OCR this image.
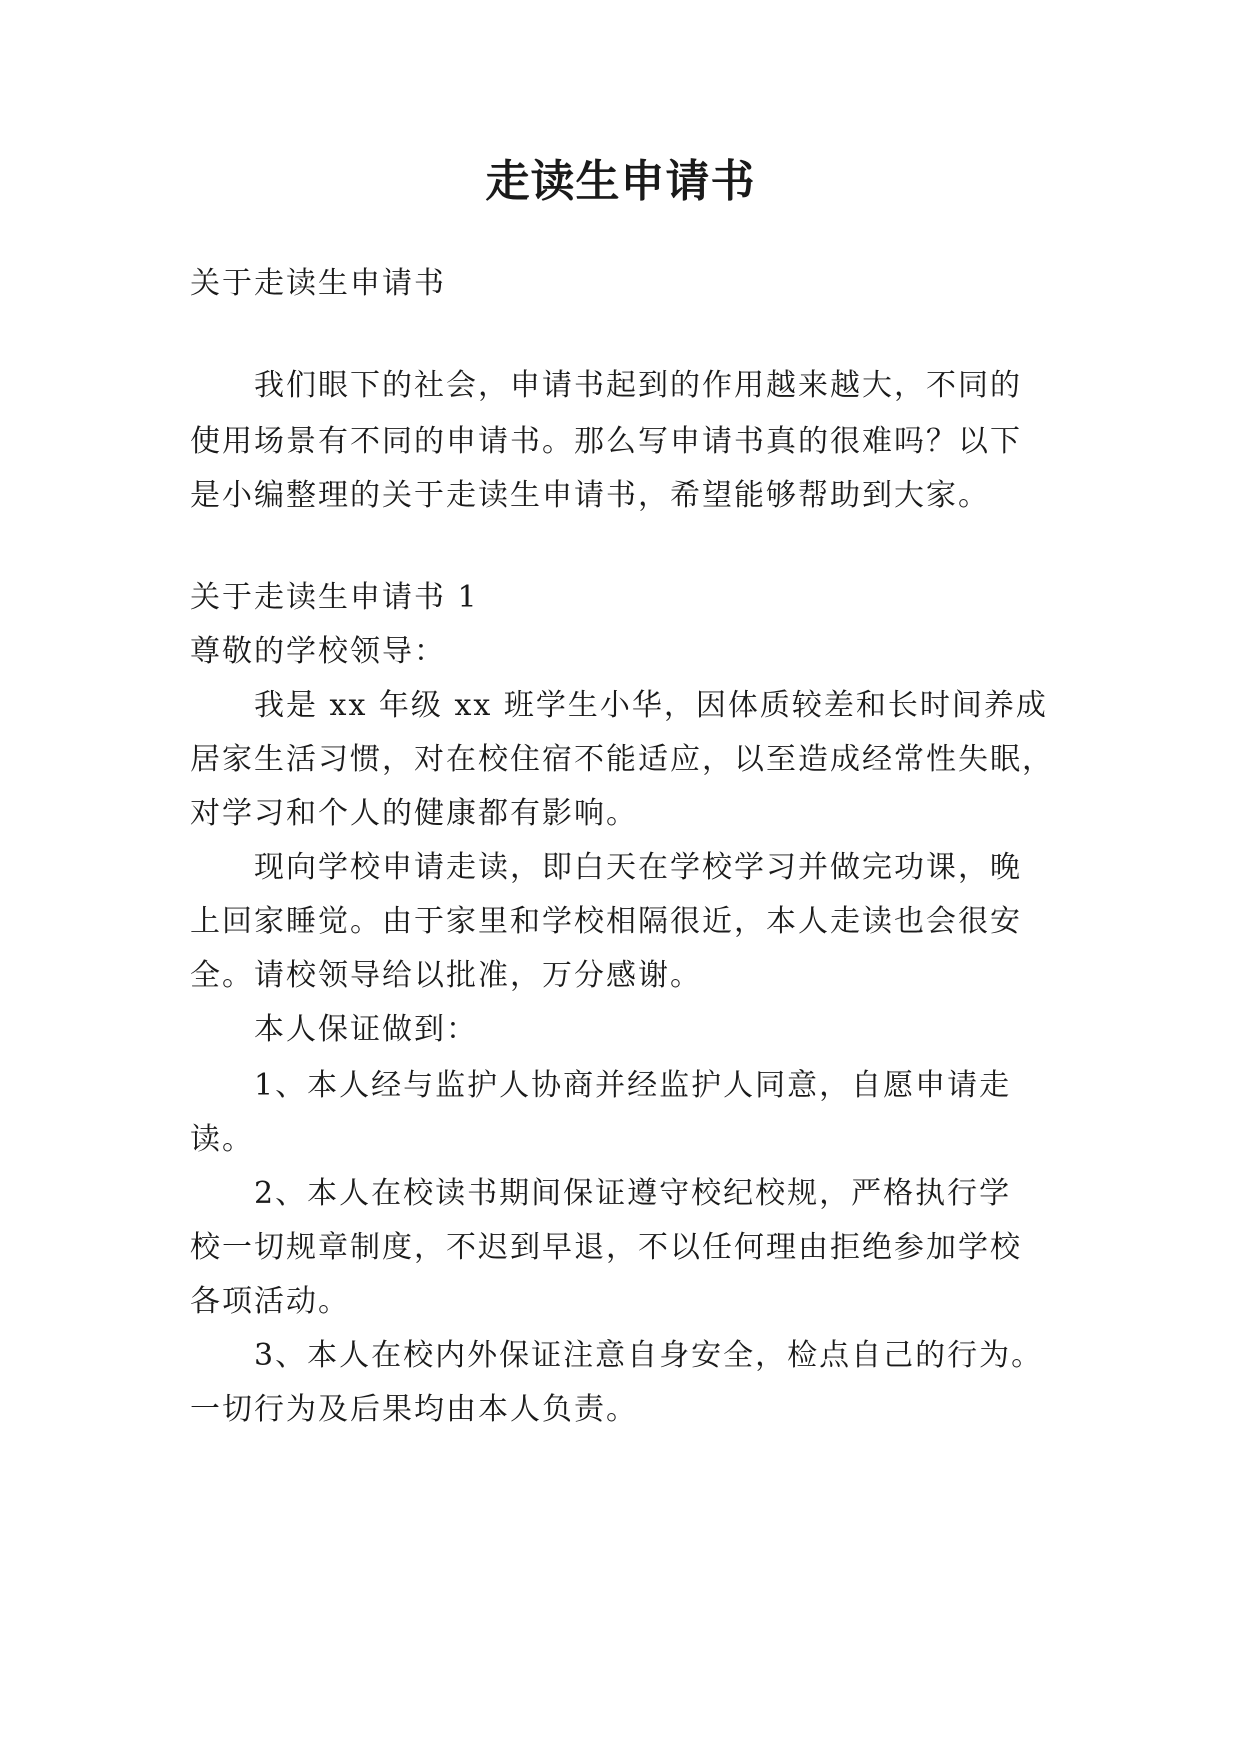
走读生申请书
关于走读生申请书
我们眼下的社会，申请书起到的作用越来越大，不同的
使用场景有不同的申请书。那么写申请书真的很难吗？以下
是小编整理的关于走读生申请书，希望能够帮助到大家。
关于走读生申请书 1
尊敬的学校领导：
我是 xx 年级 xx 班学生小华，因体质较差和长时间养成
居家生活习惯，对在校住宿不能适应，以至造成经常性失眠，
对学习和个人的健康都有影响。
现向学校申请走读，即白天在学校学习并做完功课，晚
上回家睡觉。由于家里和学校相隔很近，本人走读也会很安
全。请校领导给以批准，万分感谢。
本人保证做到：
1、本人经与监护人协商并经监护人同意，自愿申请走
读。
2、本人在校读书期间保证遵守校纪校规，严格执行学
校一切规章制度，不迟到早退，不以任何理由拒绝参加学校
各项活动。
3、本人在校内外保证注意自身安全，检点自己的行为。
一切行为及后果均由本人负责。
